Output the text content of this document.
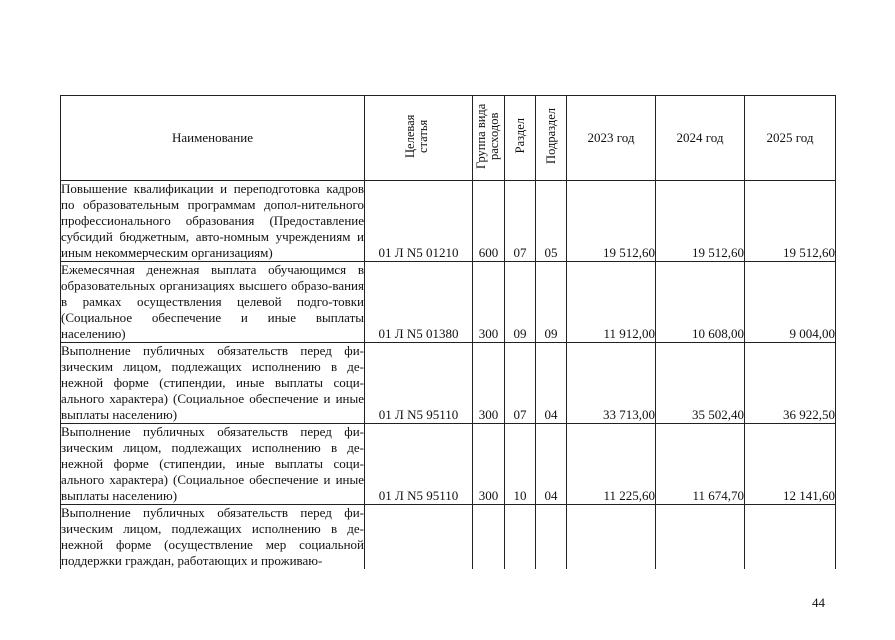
Наименование	Целевая статья	Группа вида расходов	Раздел	Подраздел	2023 год	2024 год	2025 год
Повышение квалификации и переподготовка кадров по образовательным программам допол-нительного профессионального образования (Предоставление субсидий бюджетным, авто-номным учреждениям и иным некоммерческим организациям)	01 Л N5 01210	600	07	05	19 512,60	19 512,60	19 512,60
Ежемесячная денежная выплата обучающимся в образовательных организациях высшего образо-вания в рамках осуществления целевой подго-товки (Социальное обеспечение и иные выплаты населению)	01 Л N5 01380	300	09	09	11 912,00	10 608,00	9 004,00
Выполнение публичных обязательств перед фи-зическим лицом, подлежащих исполнению в де-нежной форме (стипендии, иные выплаты соци-ального характера) (Социальное обеспечение и иные выплаты населению)	01 Л N5 95110	300	07	04	33 713,00	35 502,40	36 922,50
Выполнение публичных обязательств перед фи-зическим лицом, подлежащих исполнению в де-нежной форме (стипендии, иные выплаты соци-ального характера) (Социальное обеспечение и иные выплаты населению)	01 Л N5 95110	300	10	04	11 225,60	11 674,70	12 141,60
Выполнение публичных обязательств перед фи-зическим лицом, подлежащих исполнению в де-нежной форме (осуществление мер социальной поддержки граждан, работающих и проживаю-							
44
